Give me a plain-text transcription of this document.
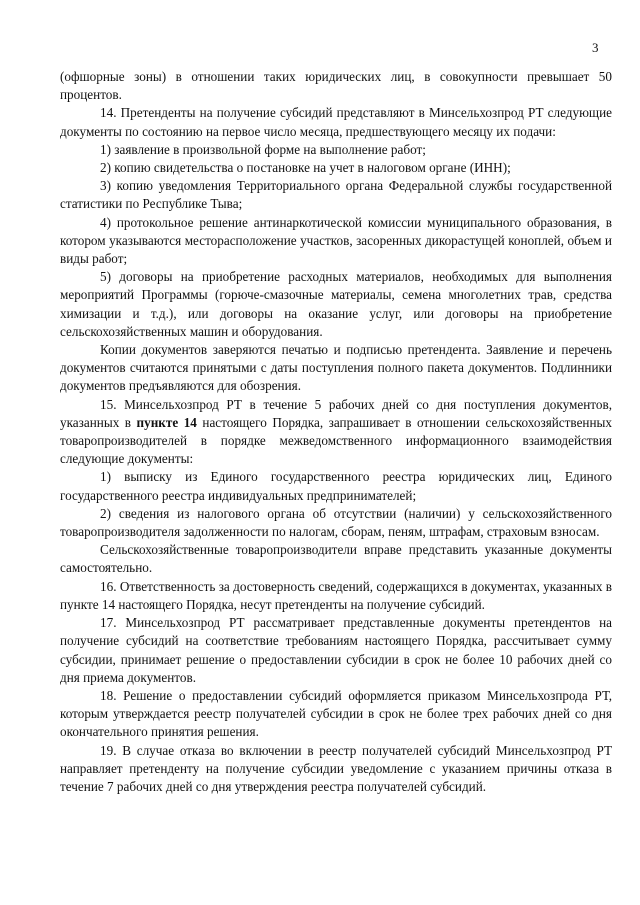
3

(офшорные зоны) в отношении таких юридических лиц, в совокупности превышает 50 процентов.

14. Претенденты на получение субсидий представляют в Минсельхозпрод РТ следующие документы по состоянию на первое число месяца, предшествующего месяцу их подачи:

1) заявление в произвольной форме на выполнение работ;

2) копию свидетельства о постановке на учет в налоговом органе (ИНН);

3) копию уведомления Территориального органа Федеральной службы государственной статистики по Республике Тыва;

4) протокольное решение антинаркотической комиссии муниципального образования, в котором указываются месторасположение участков, засоренных дикорастущей коноплей, объем и виды работ;

5) договоры на приобретение расходных материалов, необходимых для выполнения мероприятий Программы (горюче-смазочные материалы, семена многолетних трав, средства химизации и т.д.), или договоры на оказание услуг, или договоры на приобретение сельскохозяйственных машин и оборудования.

Копии документов заверяются печатью и подписью претендента. Заявление и перечень документов считаются принятыми с даты поступления полного пакета документов. Подлинники документов предъявляются для обозрения.

15. Минсельхозпрод РТ в течение 5 рабочих дней со дня поступления документов, указанных в пункте 14 настоящего Порядка, запрашивает в отношении сельскохозяйственных товаропроизводителей в порядке межведомственного информационного взаимодействия следующие документы:

1) выписку из Единого государственного реестра юридических лиц, Единого государственного реестра индивидуальных предпринимателей;

2) сведения из налогового органа об отсутствии (наличии) у сельскохозяйственного товаропроизводителя задолженности по налогам, сборам, пеням, штрафам, страховым взносам.

Сельскохозяйственные товаропроизводители вправе представить указанные документы самостоятельно.

16. Ответственность за достоверность сведений, содержащихся в документах, указанных в пункте 14 настоящего Порядка, несут претенденты на получение субсидий.

17. Минсельхозпрод РТ рассматривает представленные документы претендентов на получение субсидий на соответствие требованиям настоящего Порядка, рассчитывает сумму субсидии, принимает решение о предоставлении субсидии в срок не более 10 рабочих дней со дня приема документов.

18. Решение о предоставлении субсидий оформляется приказом Минсельхозпрода РТ, которым утверждается реестр получателей субсидии в срок не более трех рабочих дней со дня окончательного принятия решения.

19. В случае отказа во включении в реестр получателей субсидий Минсельхозпрод РТ направляет претенденту на получение субсидии уведомление с указанием причины отказа в течение 7 рабочих дней со дня утверждения реестра получателей субсидий.
